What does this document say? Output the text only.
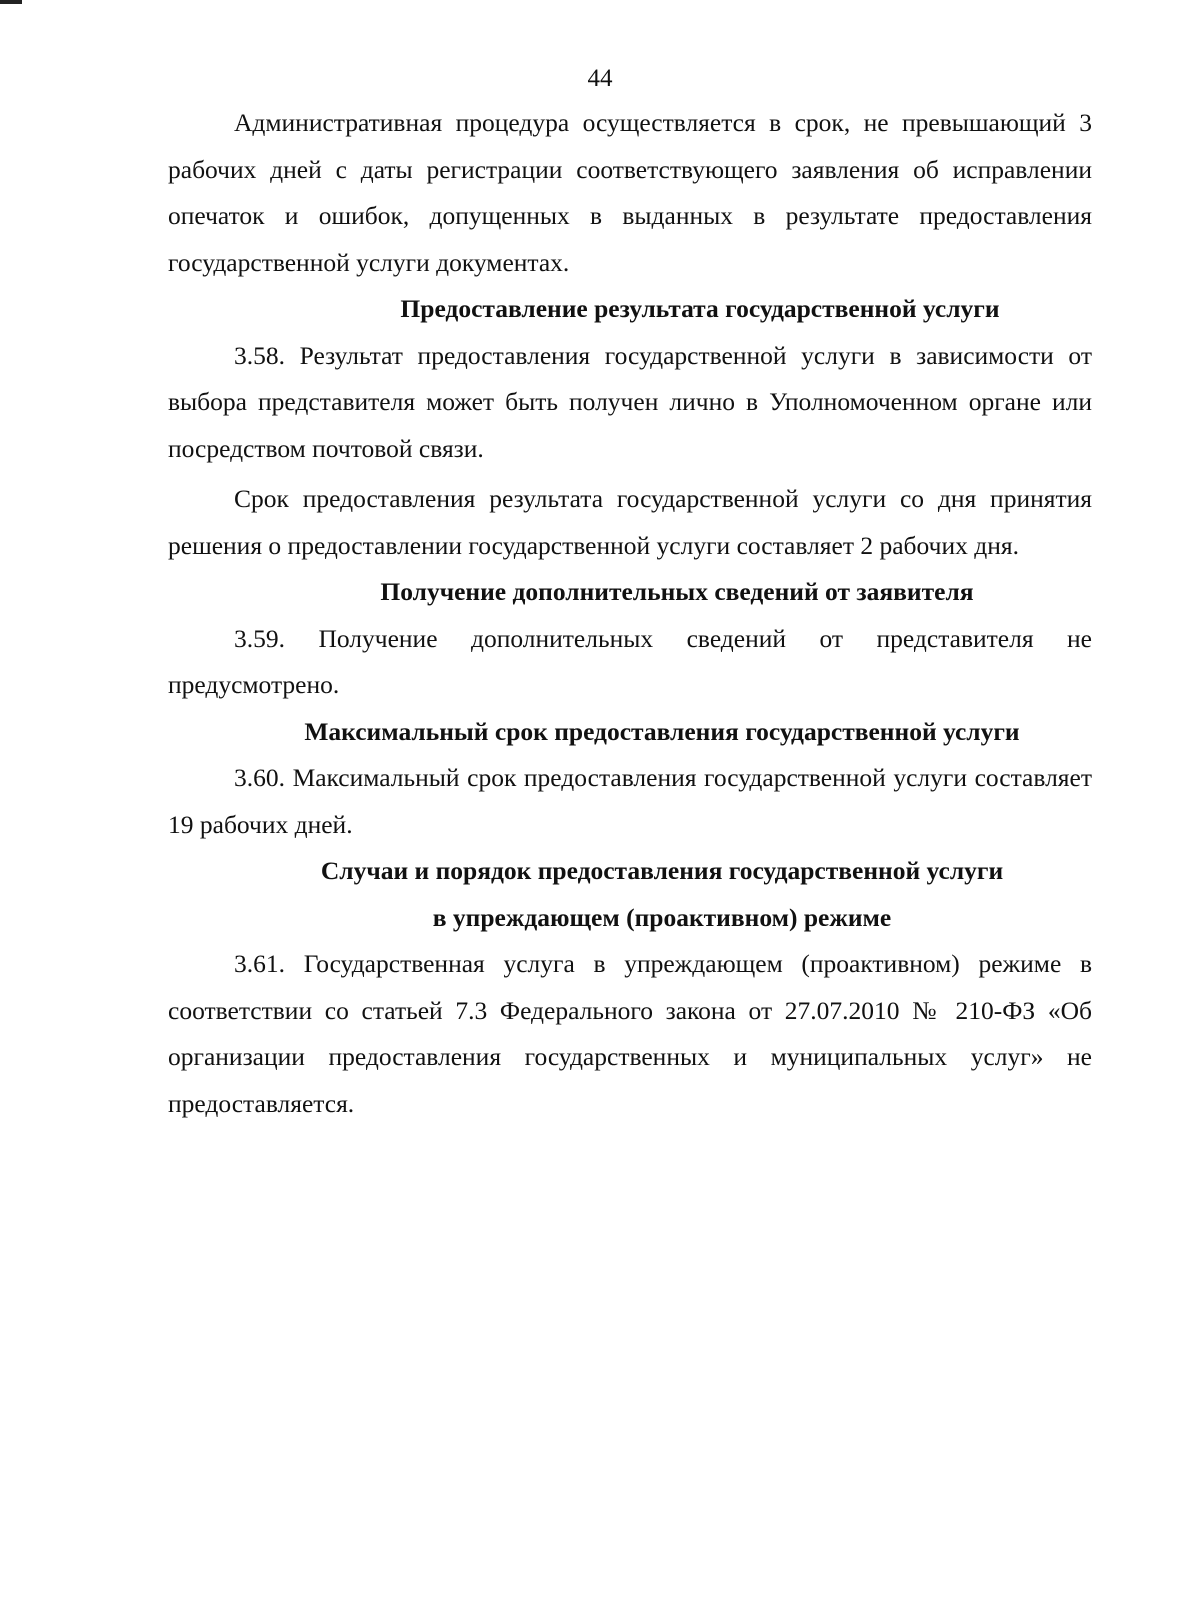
44

Административная процедура осуществляется в срок, не превышающий 3 рабочих дней с даты регистрации соответствующего заявления об исправлении опечаток и ошибок, допущенных в выданных в результате предоставления государственной услуги документах.

Предоставление результата государственной услуги

3.58. Результат предоставления государственной услуги в зависимости от выбора представителя может быть получен лично в Уполномоченном органе или посредством почтовой связи.

Срок предоставления результата государственной услуги со дня принятия решения о предоставлении государственной услуги составляет 2 рабочих дня.

Получение дополнительных сведений от заявителя

3.59. Получение дополнительных сведений от представителя не предусмотрено.

Максимальный срок предоставления государственной услуги

3.60. Максимальный срок предоставления государственной услуги составляет 19 рабочих дней.

Случаи и порядок предоставления государственной услуги
в упреждающем (проактивном) режиме

3.61. Государственная услуга в упреждающем (проактивном) режиме в соответствии со статьей 7.3 Федерального закона от 27.07.2010 № 210-ФЗ «Об организации предоставления государственных и муниципальных услуг» не предоставляется.
